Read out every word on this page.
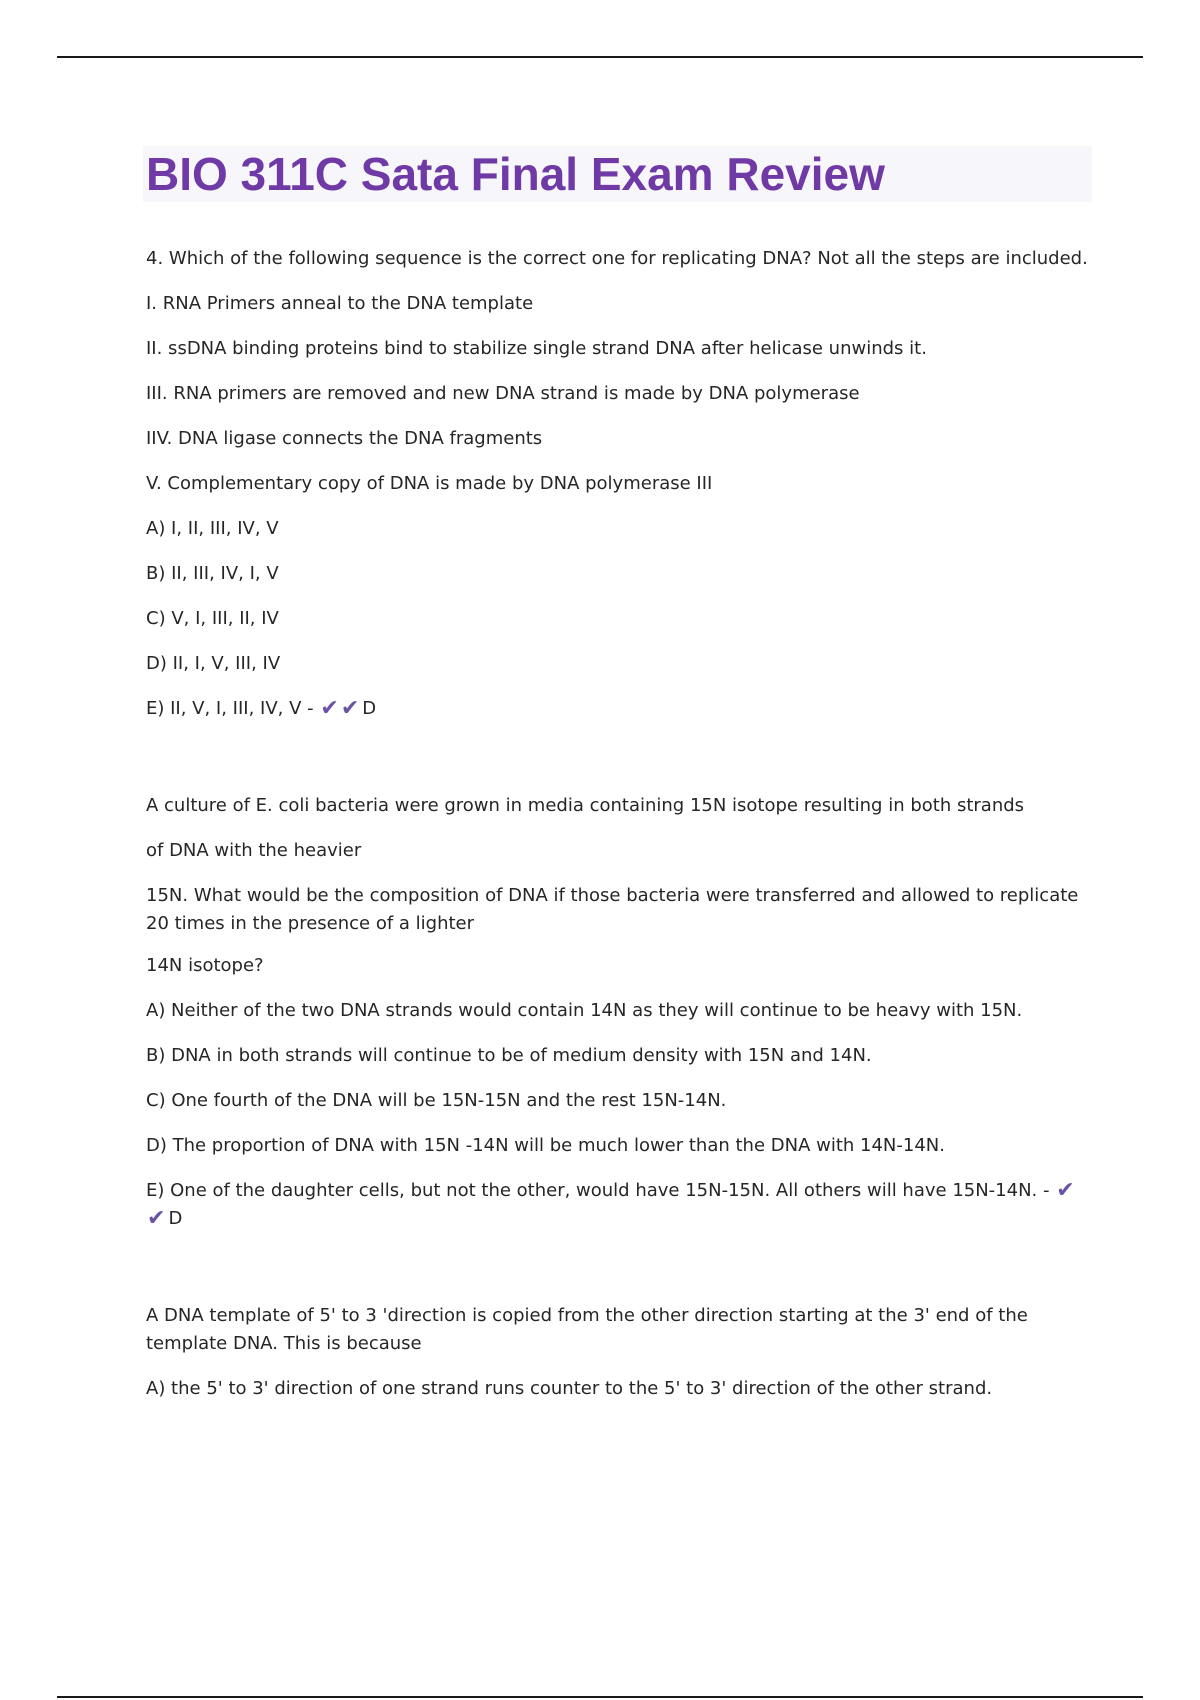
BIO 311C Sata Final Exam Review

4. Which of the following sequence is the correct one for replicating DNA? Not all the steps are included.

I. RNA Primers anneal to the DNA template

II. ssDNA binding proteins bind to stabilize single strand DNA after helicase unwinds it.

III. RNA primers are removed and new DNA strand is made by DNA polymerase

IIV. DNA ligase connects the DNA fragments

V. Complementary copy of DNA is made by DNA polymerase III

A) I, II, III, IV, V

B) II, III, IV, I, V

C) V, I, III, II, IV

D) II, I, V, III, IV

E) II, V, I, III, IV, V - ✔✔ D

A culture of E. coli bacteria were grown in media containing 15N isotope resulting in both strands

of DNA with the heavier

15N. What would be the composition of DNA if those bacteria were transferred and allowed to replicate 20 times in the presence of a lighter

14N isotope?

A) Neither of the two DNA strands would contain 14N as they will continue to be heavy with 15N.

B) DNA in both strands will continue to be of medium density with 15N and 14N.

C) One fourth of the DNA will be 15N-15N and the rest 15N-14N.

D) The proportion of DNA with 15N -14N will be much lower than the DNA with 14N-14N.

E) One of the daughter cells, but not the other, would have 15N-15N. All others will have 15N-14N. - ✔✔ D

A DNA template of 5' to 3 'direction is copied from the other direction starting at the 3' end of the template DNA. This is because

A) the 5' to 3' direction of one strand runs counter to the 5' to 3' direction of the other strand.
